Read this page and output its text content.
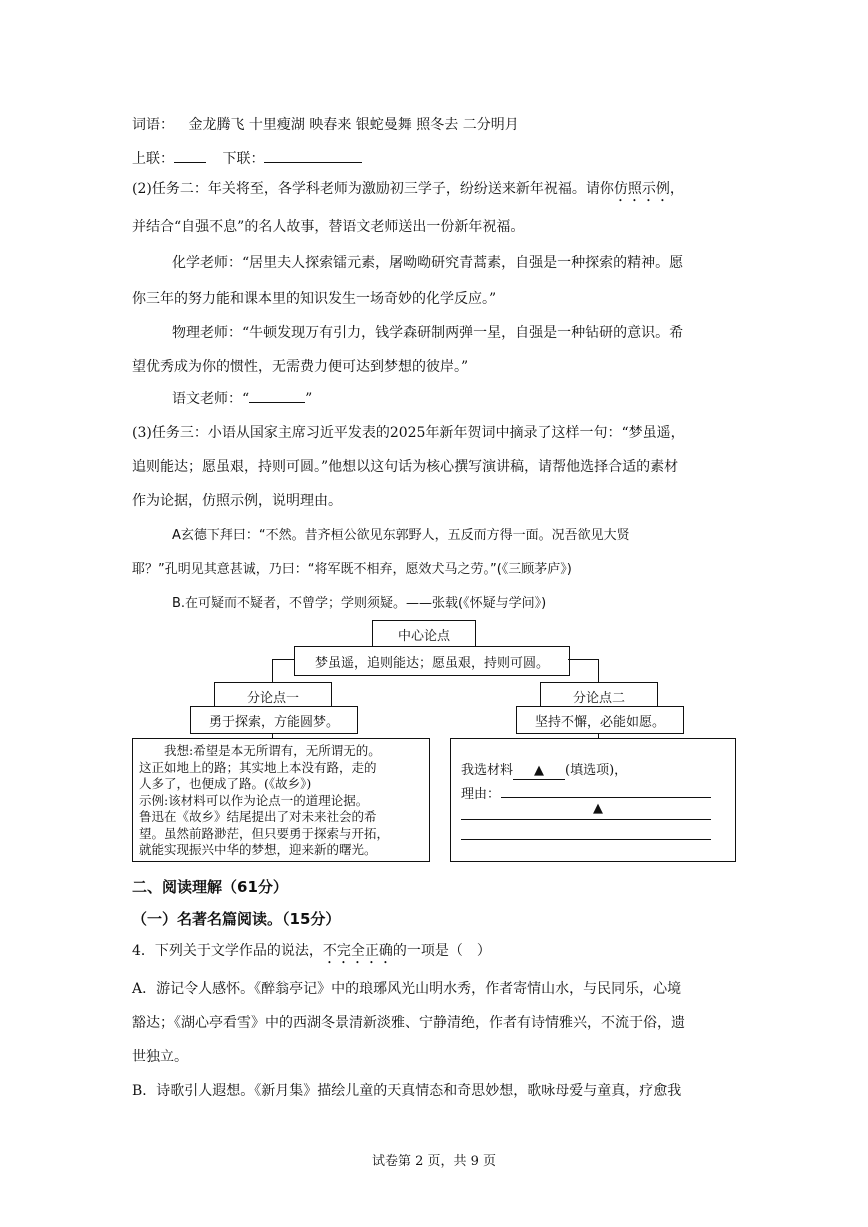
词语： 金龙腾飞 十里瘦湖 映春来 银蛇曼舞 照冬去 二分明月
上联：	下联：
(2)任务二：年关将至，各学科老师为激励初三学子，纷纷送来新年祝福。请你仿照示例，
并结合“自强不息”的名人故事，替语文老师送出一份新年祝福。
化学老师：“居里夫人探索镭元素，屠呦呦研究青蒿素，自强是一种探索的精神。愿
你三年的努力能和课本里的知识发生一场奇妙的化学反应。”
物理老师：“牛顿发现万有引力，钱学森研制两弹一星，自强是一种钻研的意识。希
望优秀成为你的惯性，无需费力便可达到梦想的彼岸。”
语文老师：“	”
(3)任务三：小语从国家主席习近平发表的2025年新年贺词中摘录了这样一句：“梦虽遥，
追则能达；愿虽艰，持则可圆。”他想以这句话为核心撰写演讲稿，请帮他选择合适的素材
作为论据，仿照示例，说明理由。
A玄德下拜曰：“不然。昔齐桓公欲见东郭野人，五反而方得一面。况吾欲见大贤
耶？”孔明见其意甚诚，乃曰：“将军既不相弃，愿效犬马之劳。”(《三顾茅庐》)
B.在可疑而不疑者，不曾学；学则须疑。——张载(《怀疑与学问》)
中心论点
梦虽遥，追则能达；愿虽艰，持则可圆。
分论点一
勇于探索，方能圆梦。
分论点二
坚持不懈，必能如愿。
　　我想:希望是本无所谓有，无所谓无的。
这正如地上的路；其实地上本没有路，走的
人多了，也便成了路。(《故乡》)
示例:该材料可以作为论点一的道理论据。
鲁迅在《故乡》结尾提出了对未来社会的希
望。虽然前路渺茫，但只要勇于探索与开拓，
就能实现振兴中华的梦想，迎来新的曙光。
我选材料 ▲ (填选项)，
理由：
▲
二、阅读理解（61分）
（一）名著名篇阅读。（15分）
4．下列关于文学作品的说法，不完全正确的一项是（　）
A．游记令人感怀。《醉翁亭记》中的琅琊风光山明水秀，作者寄情山水，与民同乐，心境
豁达；《湖心亭看雪》中的西湖冬景清新淡雅、宁静清绝，作者有诗情雅兴，不流于俗，遗
世独立。
B．诗歌引人遐想。《新月集》描绘儿童的天真情态和奇思妙想，歌咏母爱与童真，疗愈我
试卷第 2 页，共 9 页
